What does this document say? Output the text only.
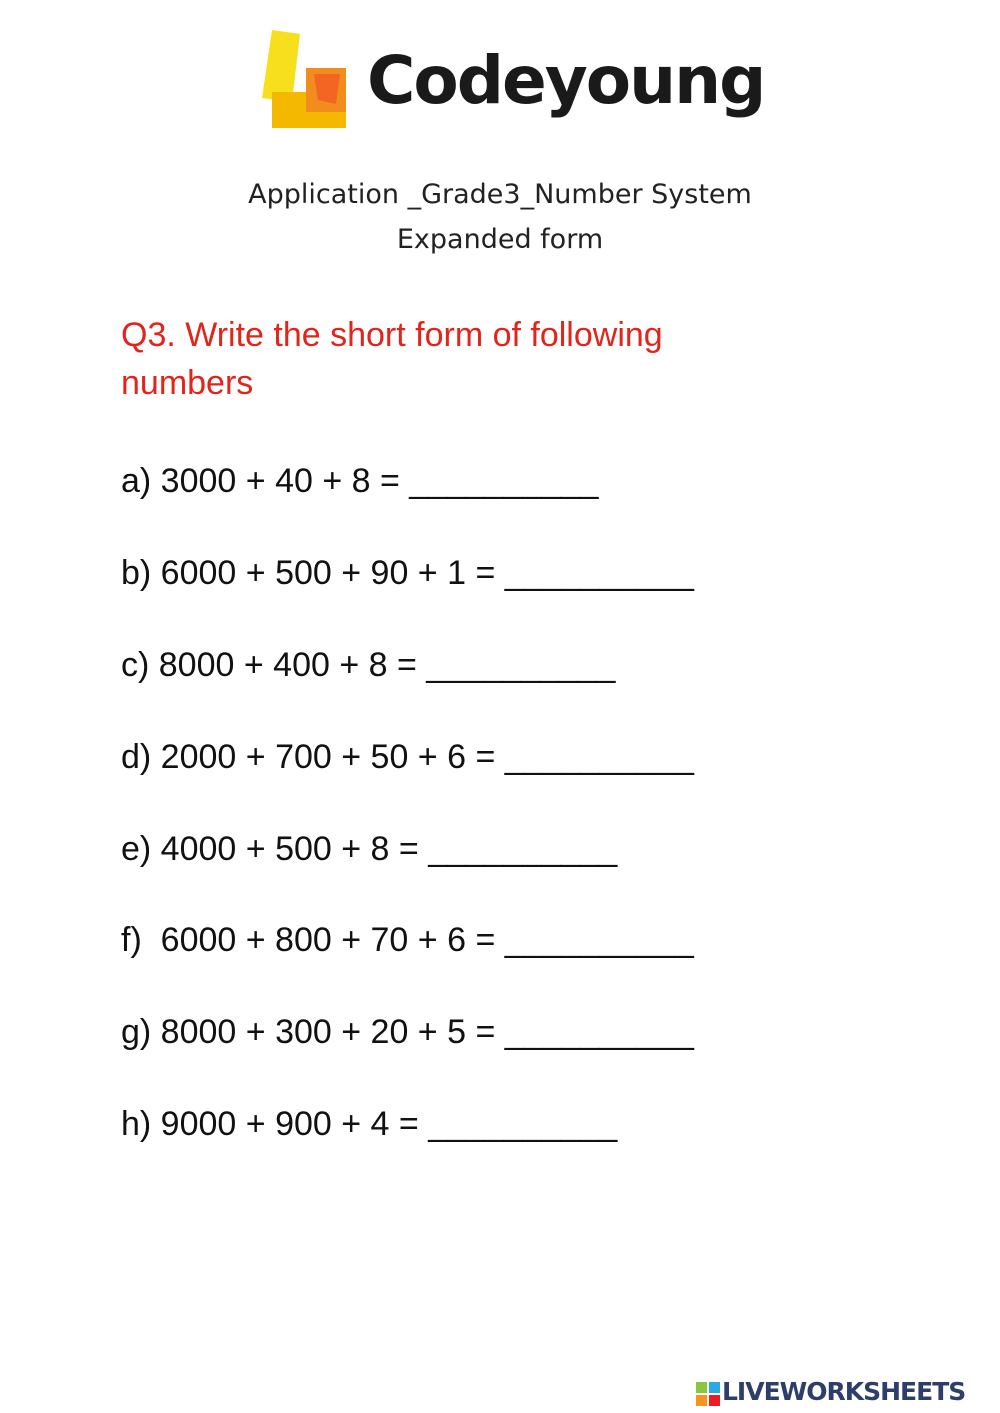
Codeyoung
Application _Grade3_Number System
Expanded form
Q3. Write the short form of following numbers
a) 3000 + 40 + 8 = __________
b) 6000 + 500 + 90 + 1 = __________
c) 8000 + 400 + 8 = __________
d) 2000 + 700 + 50 + 6 = __________
e) 4000 + 500 + 8 = __________
f)  6000 + 800 + 70 + 6 = __________
g) 8000 + 300 + 20 + 5 = __________
h) 9000 + 900 + 4 = __________
LIVEWORKSHEETS
